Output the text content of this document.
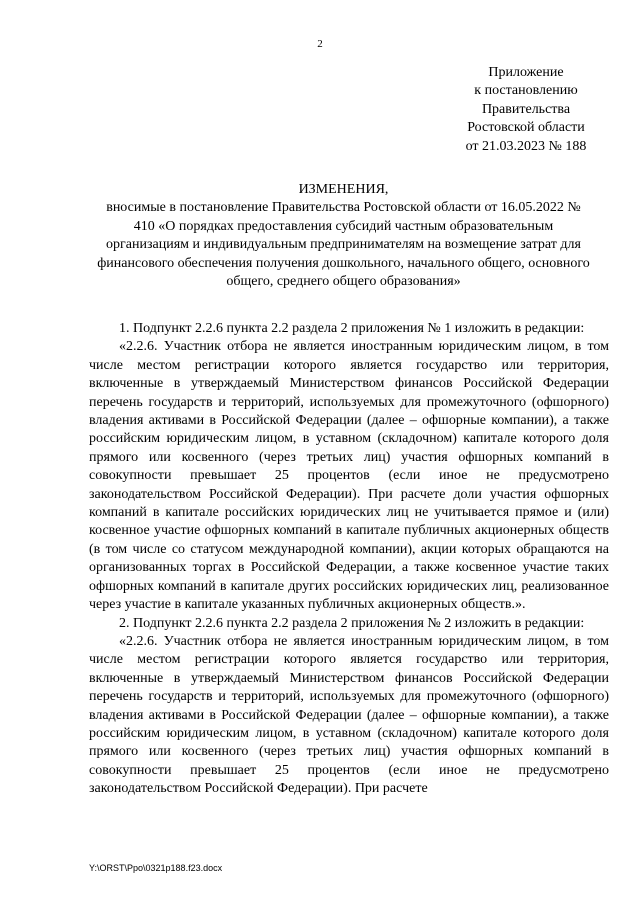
2
Приложение
к постановлению
Правительства
Ростовской области
от 21.03.2023 № 188
ИЗМЕНЕНИЯ,
вносимые в постановление Правительства Ростовской области от 16.05.2022 № 410 «О порядках предоставления субсидий частным образовательным организациям и индивидуальным предпринимателям на возмещение затрат для финансового обеспечения получения дошкольного, начального общего, основного общего, среднего общего образования»

1. Подпункт 2.2.6 пункта 2.2 раздела 2 приложения № 1 изложить в редакции:

«2.2.6. Участник отбора не является иностранным юридическим лицом, в том числе местом регистрации которого является государство или территория, включенные в утверждаемый Министерством финансов Российской Федерации перечень государств и территорий, используемых для промежуточного (офшорного) владения активами в Российской Федерации (далее – офшорные компании), а также российским юридическим лицом, в уставном (складочном) капитале которого доля прямого или косвенного (через третьих лиц) участия офшорных компаний в совокупности превышает 25 процентов (если иное не предусмотрено законодательством Российской Федерации). При расчете доли участия офшорных компаний в капитале российских юридических лиц не учитывается прямое и (или) косвенное участие офшорных компаний в капитале публичных акционерных обществ (в том числе со статусом международной компании), акции которых обращаются на организованных торгах в Российской Федерации, а также косвенное участие таких офшорных компаний в капитале других российских юридических лиц, реализованное через участие в капитале указанных публичных акционерных обществ.».

2. Подпункт 2.2.6 пункта 2.2 раздела 2 приложения № 2 изложить в редакции:

«2.2.6. Участник отбора не является иностранным юридическим лицом, в том числе местом регистрации которого является государство или территория, включенные в утверждаемый Министерством финансов Российской Федерации перечень государств и территорий, используемых для промежуточного (офшорного) владения активами в Российской Федерации (далее – офшорные компании), а также российским юридическим лицом, в уставном (складочном) капитале которого доля прямого или косвенного (через третьих лиц) участия офшорных компаний в совокупности превышает 25 процентов (если иное не предусмотрено законодательством Российской Федерации). При расчете

Y:\ORST\Ppo\0321p188.f23.docx
